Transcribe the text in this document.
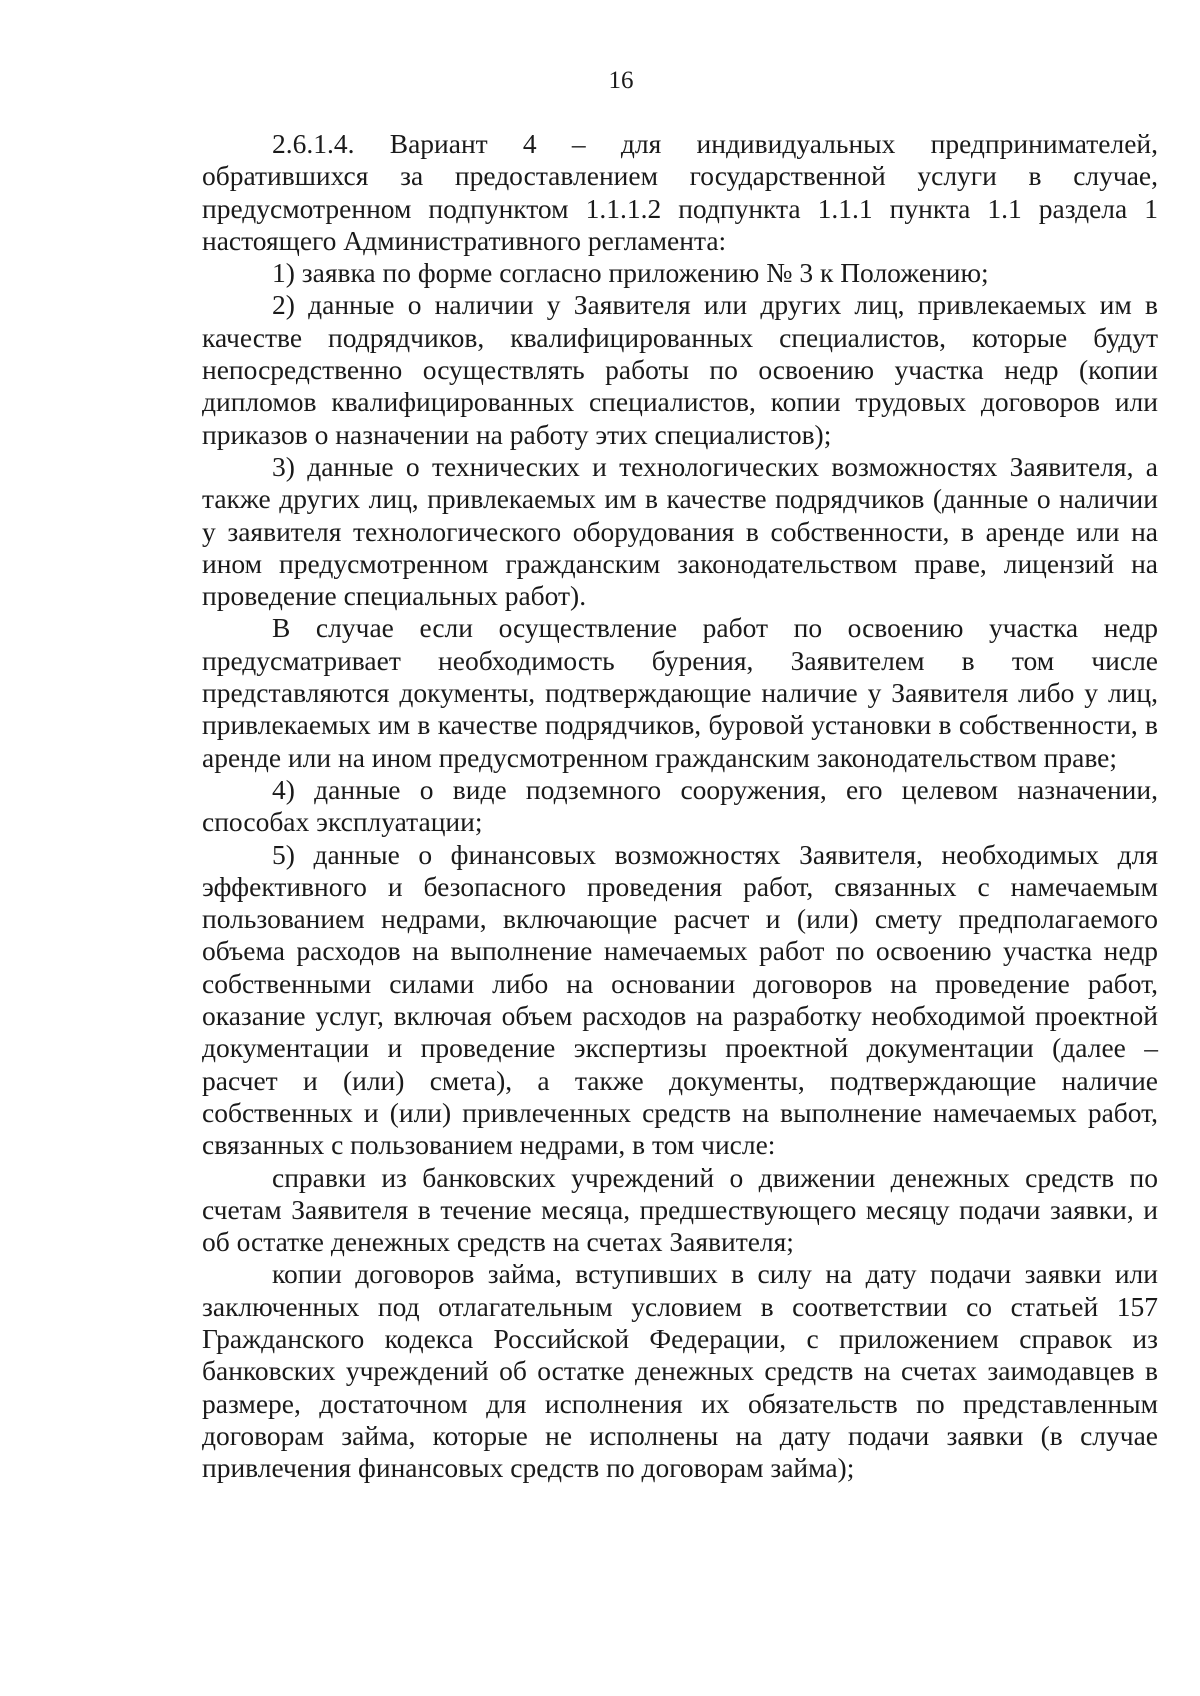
16

2.6.1.4. Вариант 4 – для индивидуальных предпринимателей, обратившихся за предоставлением государственной услуги в случае, предусмотренном подпунктом 1.1.1.2 подпункта 1.1.1 пункта 1.1 раздела 1 настоящего Административного регламента:

1) заявка по форме согласно приложению № 3 к Положению;

2) данные о наличии у Заявителя или других лиц, привлекаемых им в качестве подрядчиков, квалифицированных специалистов, которые будут непосредственно осуществлять работы по освоению участка недр (копии дипломов квалифицированных специалистов, копии трудовых договоров или приказов о назначении на работу этих специалистов);

3) данные о технических и технологических возможностях Заявителя, а также других лиц, привлекаемых им в качестве подрядчиков (данные о наличии у заявителя технологического оборудования в собственности, в аренде или на ином предусмотренном гражданским законодательством праве, лицензий на проведение специальных работ).

В случае если осуществление работ по освоению участка недр предусматривает необходимость бурения, Заявителем в том числе представляются документы, подтверждающие наличие у Заявителя либо у лиц, привлекаемых им в качестве подрядчиков, буровой установки в собственности, в аренде или на ином предусмотренном гражданским законодательством праве;

4) данные о виде подземного сооружения, его целевом назначении, способах эксплуатации;

5) данные о финансовых возможностях Заявителя, необходимых для эффективного и безопасного проведения работ, связанных с намечаемым пользованием недрами, включающие расчет и (или) смету предполагаемого объема расходов на выполнение намечаемых работ по освоению участка недр собственными силами либо на основании договоров на проведение работ, оказание услуг, включая объем расходов на разработку необходимой проектной документации и проведение экспертизы проектной документации (далее – расчет и (или) смета), а также документы, подтверждающие наличие собственных и (или) привлеченных средств на выполнение намечаемых работ, связанных с пользованием недрами, в том числе:

справки из банковских учреждений о движении денежных средств по счетам Заявителя в течение месяца, предшествующего месяцу подачи заявки, и об остатке денежных средств на счетах Заявителя;

копии договоров займа, вступивших в силу на дату подачи заявки или заключенных под отлагательным условием в соответствии со статьей 157 Гражданского кодекса Российской Федерации, с приложением справок из банковских учреждений об остатке денежных средств на счетах заимодавцев в размере, достаточном для исполнения их обязательств по представленным договорам займа, которые не исполнены на дату подачи заявки (в случае привлечения финансовых средств по договорам займа);
